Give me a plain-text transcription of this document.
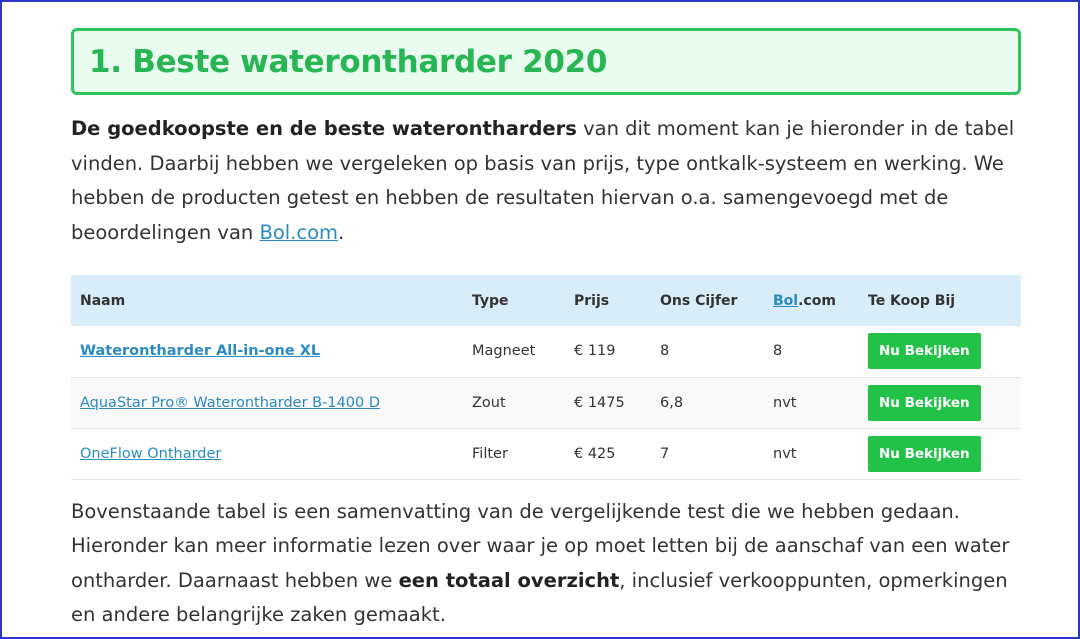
1. Beste waterontharder 2020

De goedkoopste en de beste waterontharders van dit moment kan je hieronder in de tabel vinden. Daarbij hebben we vergeleken op basis van prijs, type ontkalk-systeem en werking. We hebben de producten getest en hebben de resultaten hiervan o.a. samengevoegd met de beoordelingen van Bol.com.

Naam	Type	Prijs	Ons Cijfer	Bol.com	Te Koop Bij
Waterontharder All-in-one XL	Magneet	€ 119	8	8	Nu Bekijken
AquaStar Pro® Waterontharder B-1400 D	Zout	€ 1475	6,8	nvt	Nu Bekijken
OneFlow Ontharder	Filter	€ 425	7	nvt	Nu Bekijken

Bovenstaande tabel is een samenvatting van de vergelijkende test die we hebben gedaan. Hieronder kan meer informatie lezen over waar je op moet letten bij de aanschaf van een water ontharder. Daarnaast hebben we een totaal overzicht, inclusief verkooppunten, opmerkingen en andere belangrijke zaken gemaakt.
